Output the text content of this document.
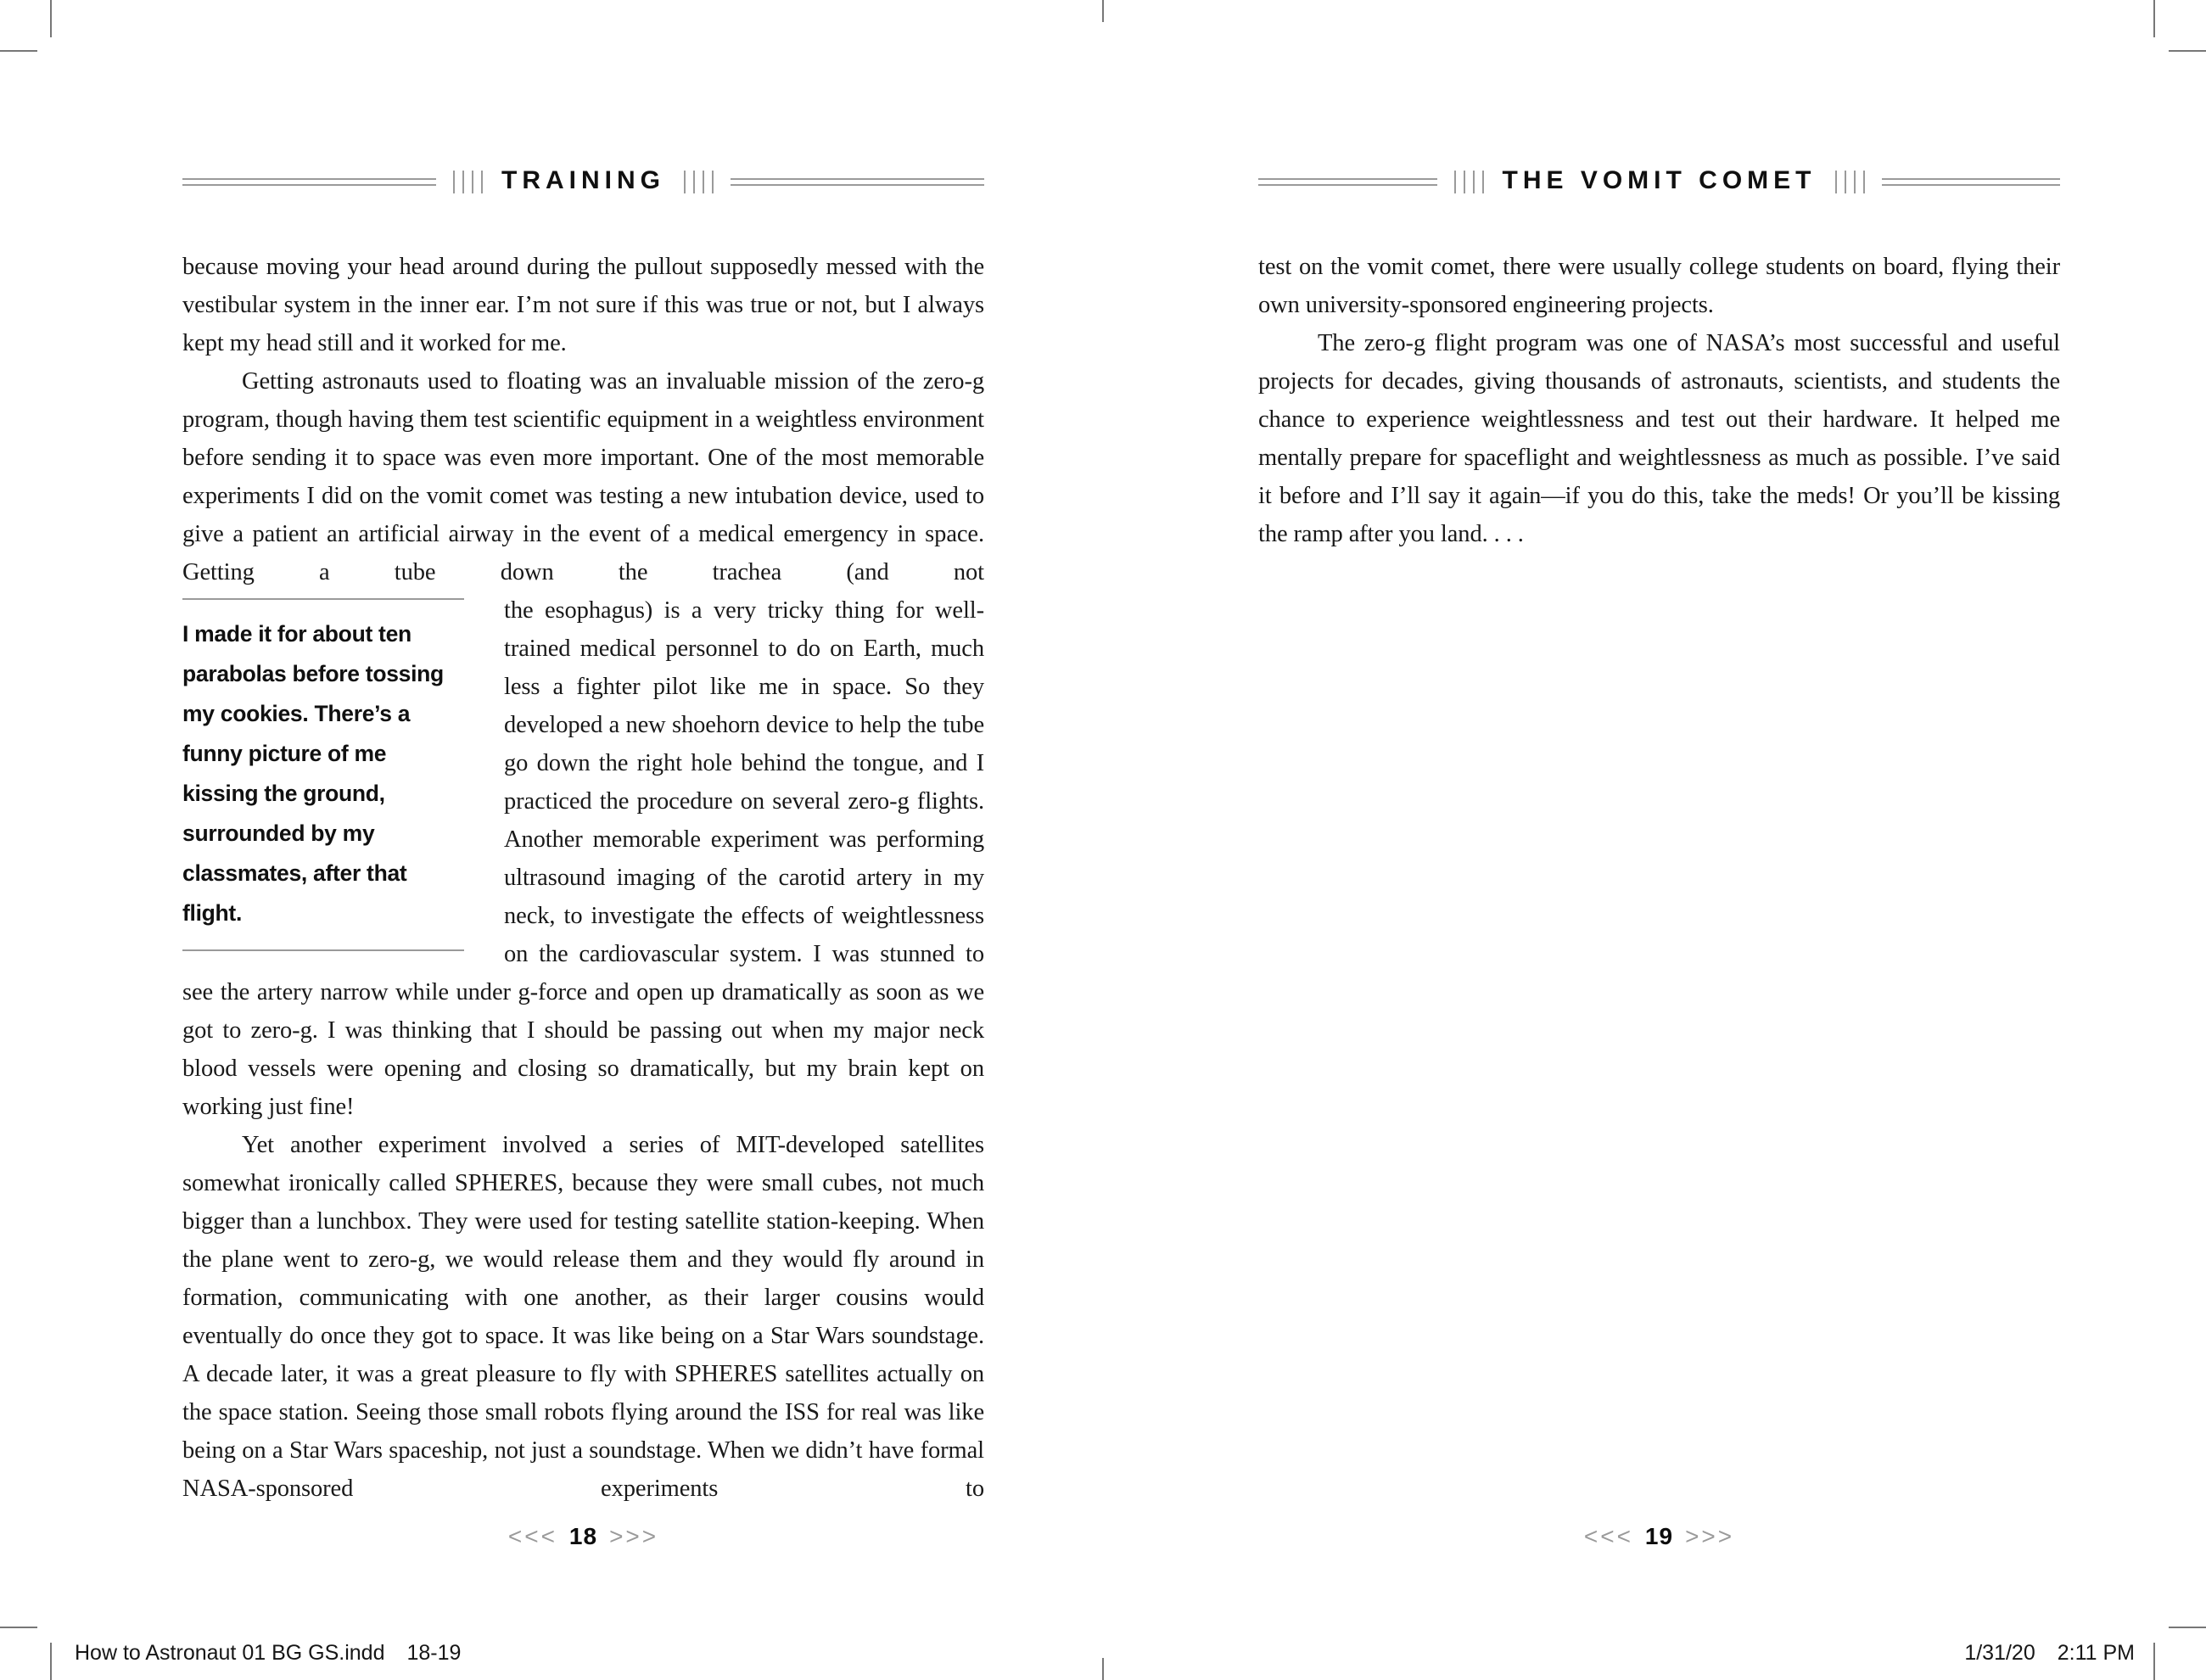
TRAINING

because moving your head around during the pullout supposedly messed with the vestibular system in the inner ear. I’m not sure if this was true or not, but I always kept my head still and it worked for me.

Getting astronauts used to floating was an invaluable mission of the zero-g program, though having them test scientific equipment in a weightless environment before sending it to space was even more important. One of the most memorable experiments I did on the vomit comet was testing a new intubation device, used to give a patient an artificial airway in the event of a medical emergency in space. Getting a tube down the trachea (and not

I made it for about ten parabolas before tossing my cookies. There’s a funny picture of me kissing the ground, surrounded by my classmates, after that flight.

the esophagus) is a very tricky thing for well-trained medical personnel to do on Earth, much less a fighter pilot like me in space. So they developed a new shoehorn device to help the tube go down the right hole behind the tongue, and I practiced the procedure on several zero-g flights. Another memorable experiment was performing ultrasound imaging of the carotid artery in my neck, to investigate the effects of weightlessness on the cardiovascular system. I was stunned to see the artery narrow while under g-force and open up dramatically as soon as we got to zero-g. I was thinking that I should be passing out when my major neck blood vessels were opening and closing so dramatically, but my brain kept on working just fine!

Yet another experiment involved a series of MIT-developed satellites somewhat ironically called SPHERES, because they were small cubes, not much bigger than a lunchbox. They were used for testing satellite station-keeping. When the plane went to zero-g, we would release them and they would fly around in formation, communicating with one another, as their larger cousins would eventually do once they got to space. It was like being on a Star Wars soundstage. A decade later, it was a great pleasure to fly with SPHERES satellites actually on the space station. Seeing those small robots flying around the ISS for real was like being on a Star Wars spaceship, not just a soundstage. When we didn’t have formal NASA-sponsored experiments to

<<< 18 >>>
THE VOMIT COMET

test on the vomit comet, there were usually college students on board, flying their own university-sponsored engineering projects.

The zero-g flight program was one of NASA’s most successful and useful projects for decades, giving thousands of astronauts, scientists, and students the chance to experience weightlessness and test out their hardware. It helped me mentally prepare for spaceflight and weightlessness as much as possible. I’ve said it before and I’ll say it again—if you do this, take the meds! Or you’ll be kissing the ramp after you land. . . .

<<< 19 >>>
How to Astronaut 01 BG GS.indd 18-19	1/31/20 2:11 PM
